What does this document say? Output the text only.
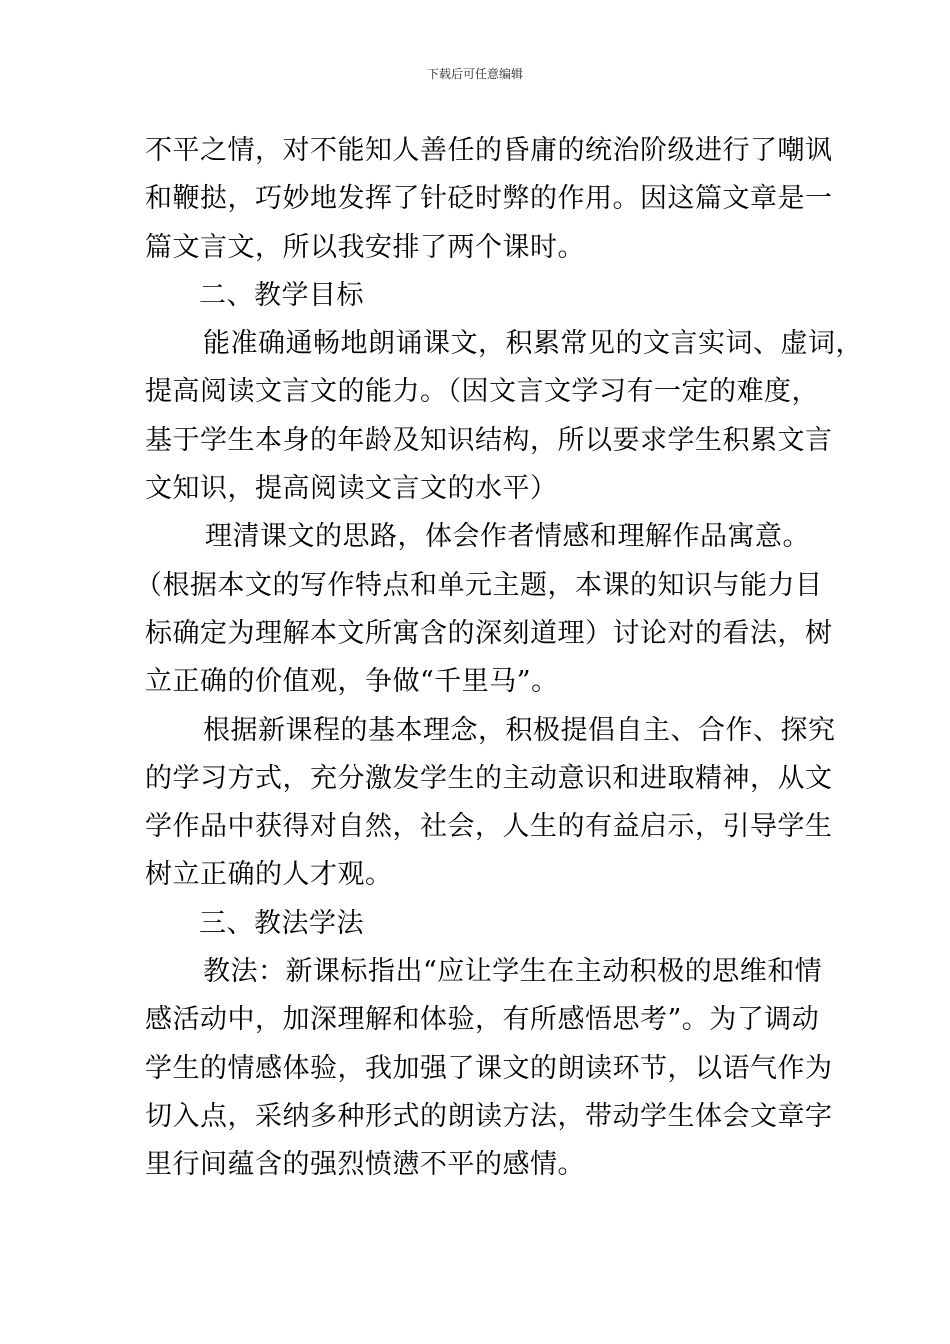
下载后可任意编辑
不平之情，对不能知人善任的昏庸的统治阶级进行了嘲讽
和鞭挞，巧妙地发挥了针砭时弊的作用。因这篇文章是一
篇文言文，所以我安排了两个课时。
二、教学目标
能准确通畅地朗诵课文，积累常见的文言实词、虚词，
提高阅读文言文的能力。（因文言文学习有一定的难度，
基于学生本身的年龄及知识结构，所以要求学生积累文言
文知识，提高阅读文言文的水平）
理清课文的思路，体会作者情感和理解作品寓意。
（根据本文的写作特点和单元主题，本课的知识与能力目
标确定为理解本文所寓含的深刻道理）讨论对的看法，树
立正确的价值观，争做“千里马”。
根据新课程的基本理念，积极提倡自主、合作、探究
的学习方式，充分激发学生的主动意识和进取精神，从文
学作品中获得对自然，社会，人生的有益启示，引导学生
树立正确的人才观。
三、教法学法
教法：新课标指出“应让学生在主动积极的思维和情
感活动中，加深理解和体验，有所感悟思考”。为了调动
学生的情感体验，我加强了课文的朗读环节，以语气作为
切入点，采纳多种形式的朗读方法，带动学生体会文章字
里行间蕴含的强烈愤懑不平的感情。
